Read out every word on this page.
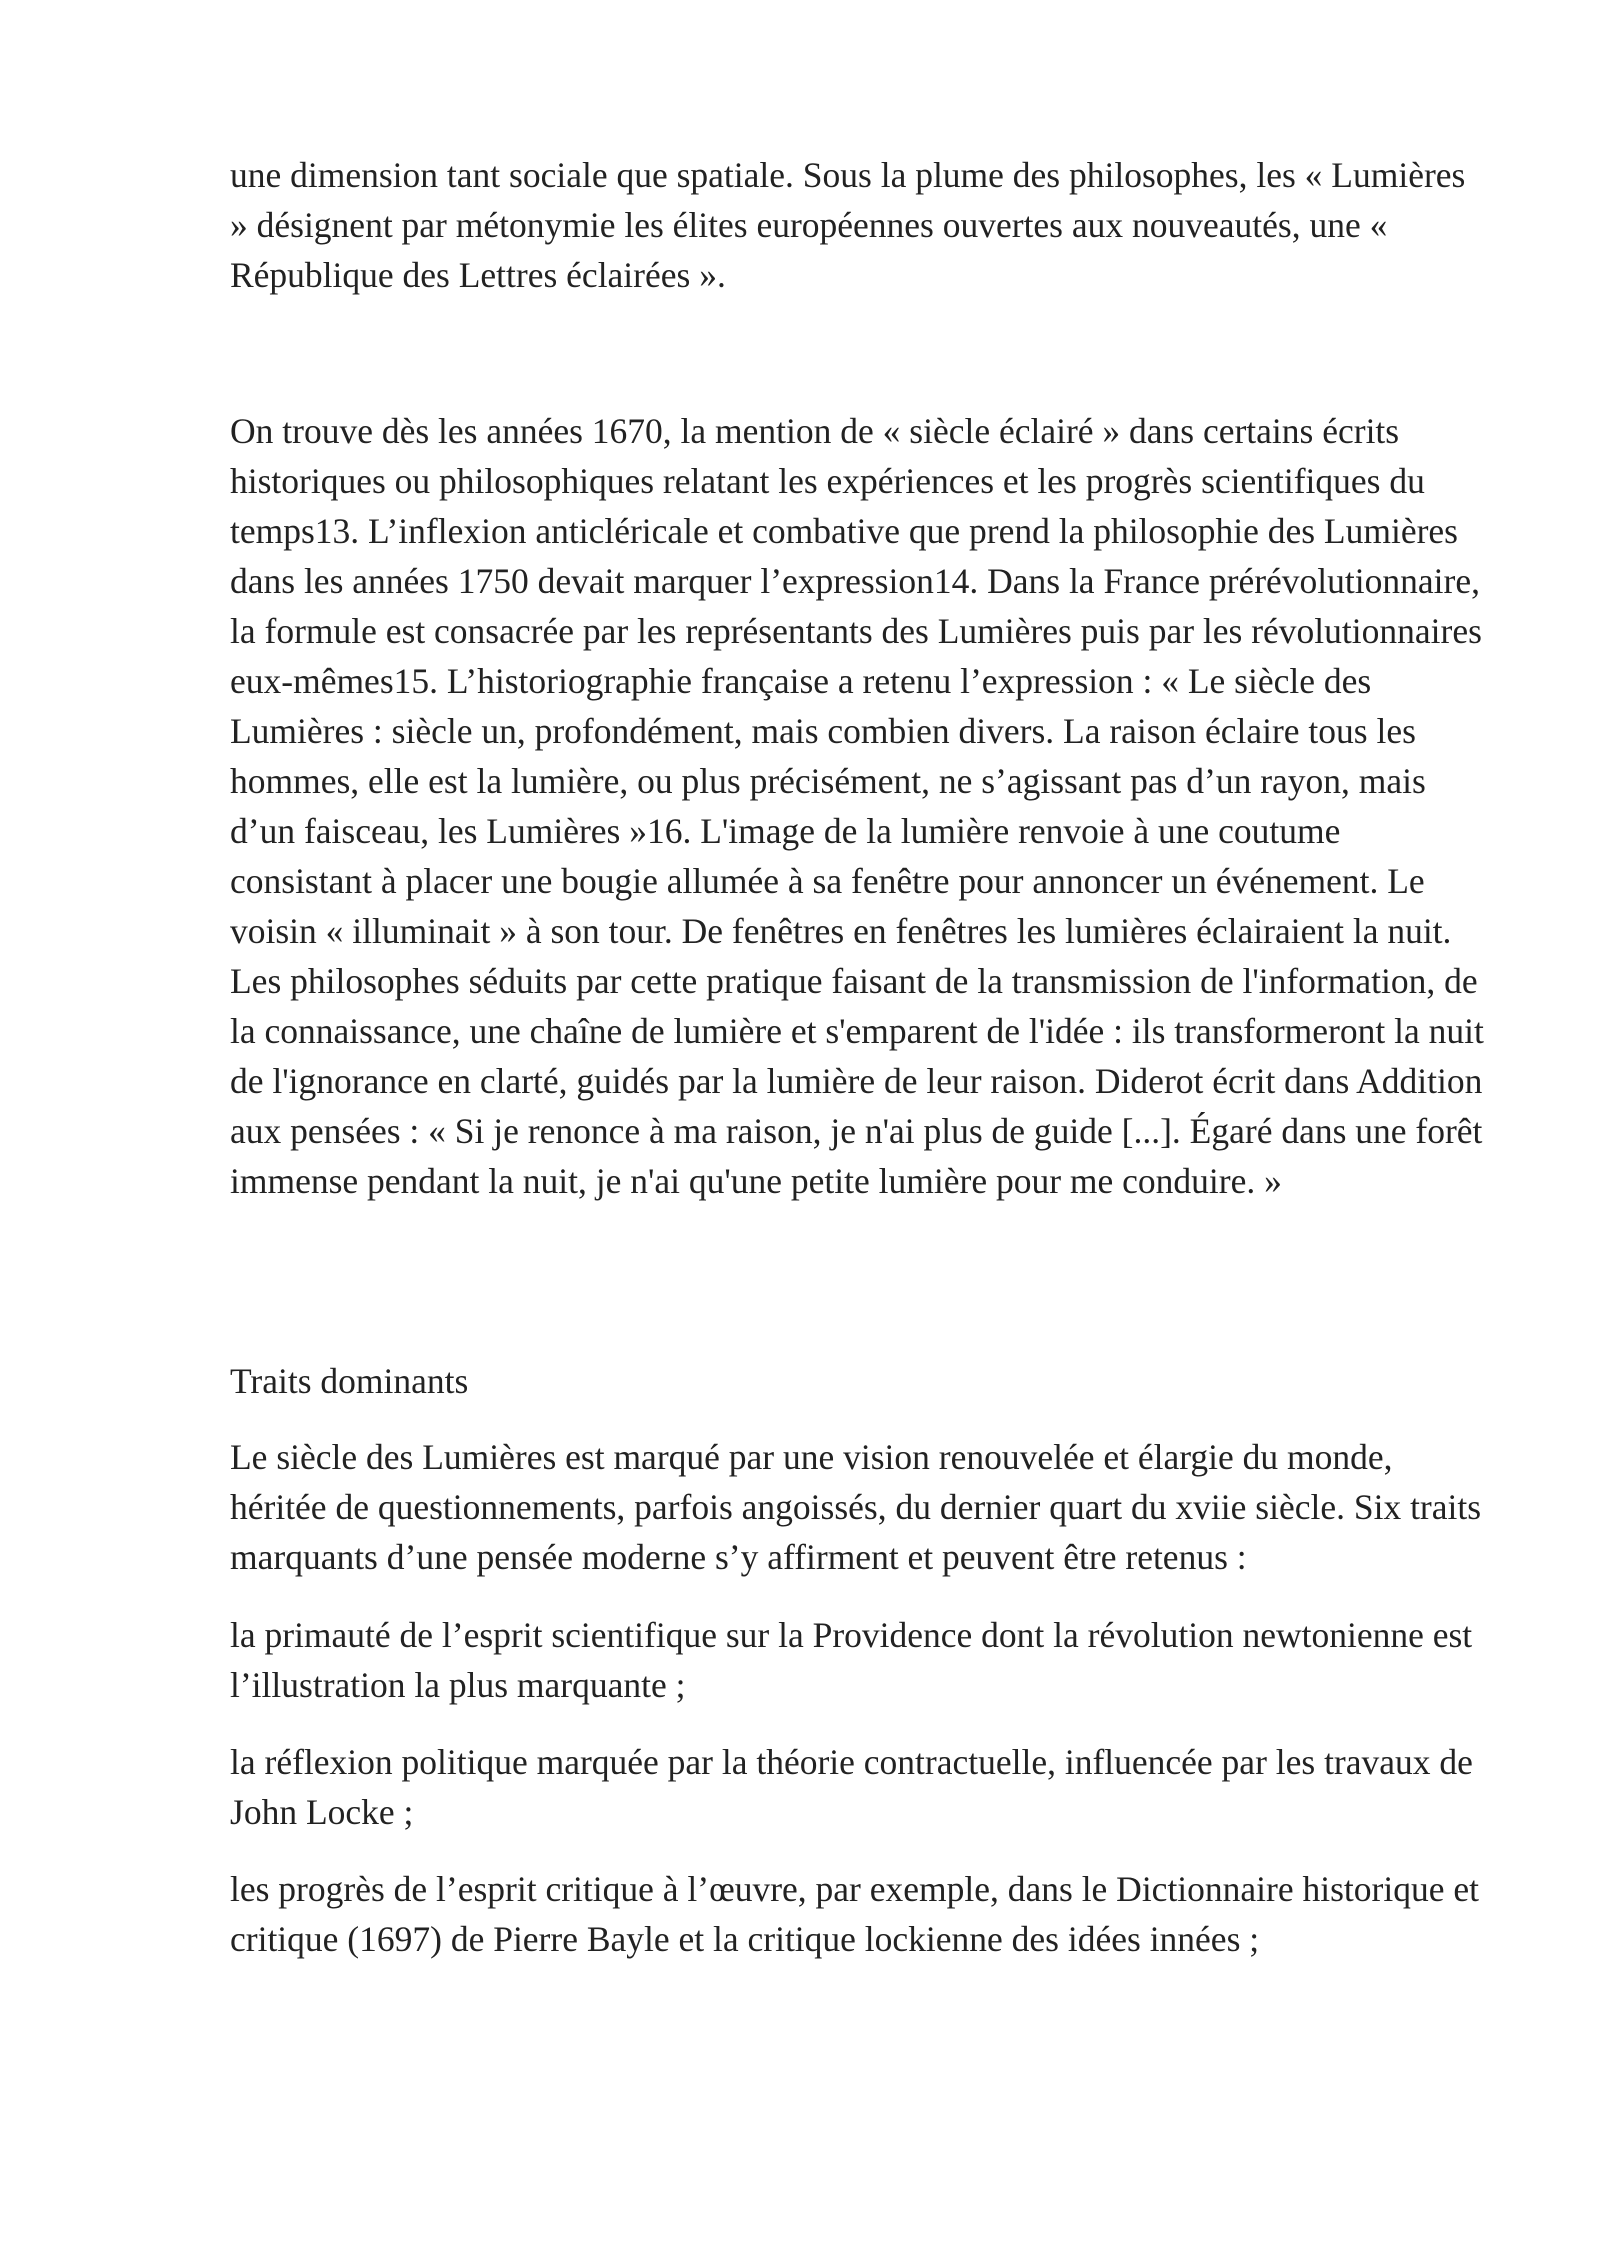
une dimension tant sociale que spatiale. Sous la plume des philosophes, les « Lumières » désignent par métonymie les élites européennes ouvertes aux nouveautés, une « République des Lettres éclairées ».

On trouve dès les années 1670, la mention de « siècle éclairé » dans certains écrits historiques ou philosophiques relatant les expériences et les progrès scientifiques du temps13. L’inflexion anticléricale et combative que prend la philosophie des Lumières dans les années 1750 devait marquer l’expression14. Dans la France prérévolutionnaire, la formule est consacrée par les représentants des Lumières puis par les révolutionnaires eux-mêmes15. L’historiographie française a retenu l’expression : « Le siècle des Lumières : siècle un, profondément, mais combien divers. La raison éclaire tous les hommes, elle est la lumière, ou plus précisément, ne s’agissant pas d’un rayon, mais d’un faisceau, les Lumières »16. L'image de la lumière renvoie à une coutume consistant à placer une bougie allumée à sa fenêtre pour annoncer un événement. Le voisin « illuminait » à son tour. De fenêtres en fenêtres les lumières éclairaient la nuit. Les philosophes séduits par cette pratique faisant de la transmission de l'information, de la connaissance, une chaîne de lumière et s'emparent de l'idée : ils transformeront la nuit de l'ignorance en clarté, guidés par la lumière de leur raison. Diderot écrit dans Addition aux pensées : « Si je renonce à ma raison, je n'ai plus de guide [...]. Égaré dans une forêt immense pendant la nuit, je n'ai qu'une petite lumière pour me conduire. »

Traits dominants

Le siècle des Lumières est marqué par une vision renouvelée et élargie du monde, héritée de questionnements, parfois angoissés, du dernier quart du xviie siècle. Six traits marquants d’une pensée moderne s’y affirment et peuvent être retenus :

la primauté de l’esprit scientifique sur la Providence dont la révolution newtonienne est l’illustration la plus marquante ;

la réflexion politique marquée par la théorie contractuelle, influencée par les travaux de John Locke ;

les progrès de l’esprit critique à l’œuvre, par exemple, dans le Dictionnaire historique et critique (1697) de Pierre Bayle et la critique lockienne des idées innées ;
